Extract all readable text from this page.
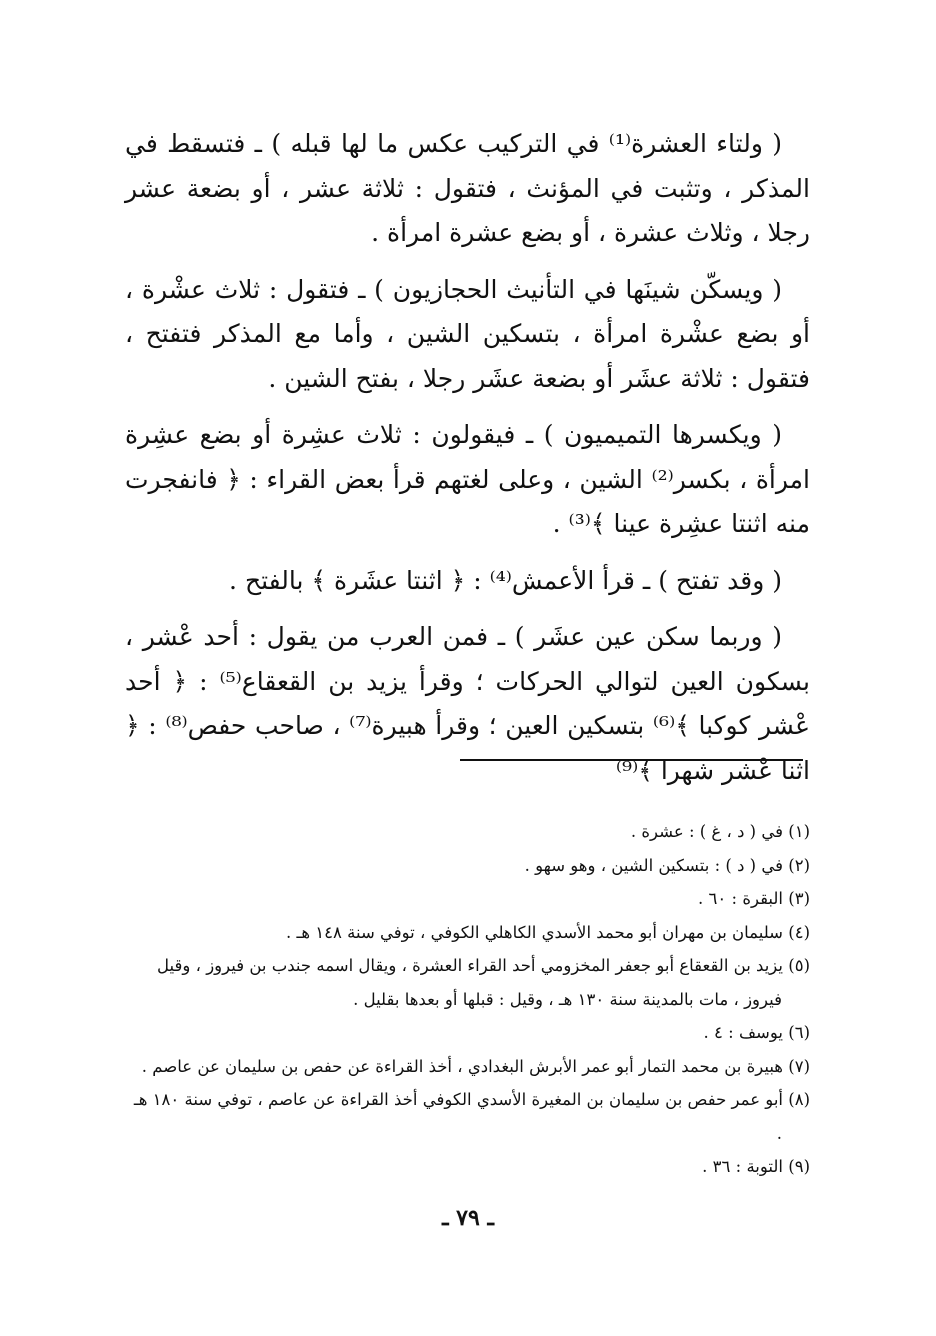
( ولتاء العشرة⁽¹⁾ في التركيب عكس ما لها قبله ) ـ فتسقط في المذكر ، وتثبت في المؤنث ، فتقول : ثلاثة عشر ، أو بضعة عشر رجلا ، وثلاث عشرة ، أو بضع عشرة امرأة .

( ويسكّن شينَها في التأنيث الحجازيون ) ـ فتقول : ثلاث عشْرة ، أو بضع عشْرة امرأة ، بتسكين الشين ، وأما مع المذكر فتفتح ، فتقول : ثلاثة عشَر أو بضعة عشَر رجلا ، بفتح الشين .

( ويكسرها التميميون ) ـ فيقولون : ثلاث عشِرة أو بضع عشِرة امرأة ، بكسر⁽²⁾ الشين ، وعلى لغتهم قرأ بعض القراء : ﴿ فانفجرت منه اثنتا عشِرة عينا ﴾⁽³⁾ .

( وقد تفتح ) ـ قرأ الأعمش⁽⁴⁾ : ﴿ اثنتا عشَرة ﴾ بالفتح .

( وربما سكن عين عشَر ) ـ فمن العرب من يقول : أحد عْشر ، بسكون العين لتوالي الحركات ؛ وقرأ يزيد بن القعقاع⁽⁵⁾ : ﴿ أحد عْشر كوكبا ﴾⁽⁶⁾ بتسكين العين ؛ وقرأ هبيرة⁽⁷⁾ ، صاحب حفص⁽⁸⁾ : ﴿ اثنا عْشر شهرا ﴾⁽⁹⁾

(١) في ( د ، غ ) : عشرة .

(٢) في ( د ) : بتسكين الشين ، وهو سهو .

(٣) البقرة : ٦٠ .

(٤) سليمان بن مهران أبو محمد الأسدي الكاهلي الكوفي ، توفي سنة ١٤٨ هـ .

(٥) يزيد بن القعقاع أبو جعفر المخزومي أحد القراء العشرة ، ويقال اسمه جندب بن فيروز ، وقيل فيروز ، مات بالمدينة سنة ١٣٠ هـ ، وقيل : قبلها أو بعدها بقليل .

(٦) يوسف : ٤ .

(٧) هبيرة بن محمد التمار أبو عمر الأبرش البغدادي ، أخذ القراءة عن حفص بن سليمان عن عاصم .

(٨) أبو عمر حفص بن سليمان بن المغيرة الأسدي الكوفي أخذ القراءة عن عاصم ، توفي سنة ١٨٠ هـ .

(٩) التوبة : ٣٦ .

ـ ٧٩ ـ
